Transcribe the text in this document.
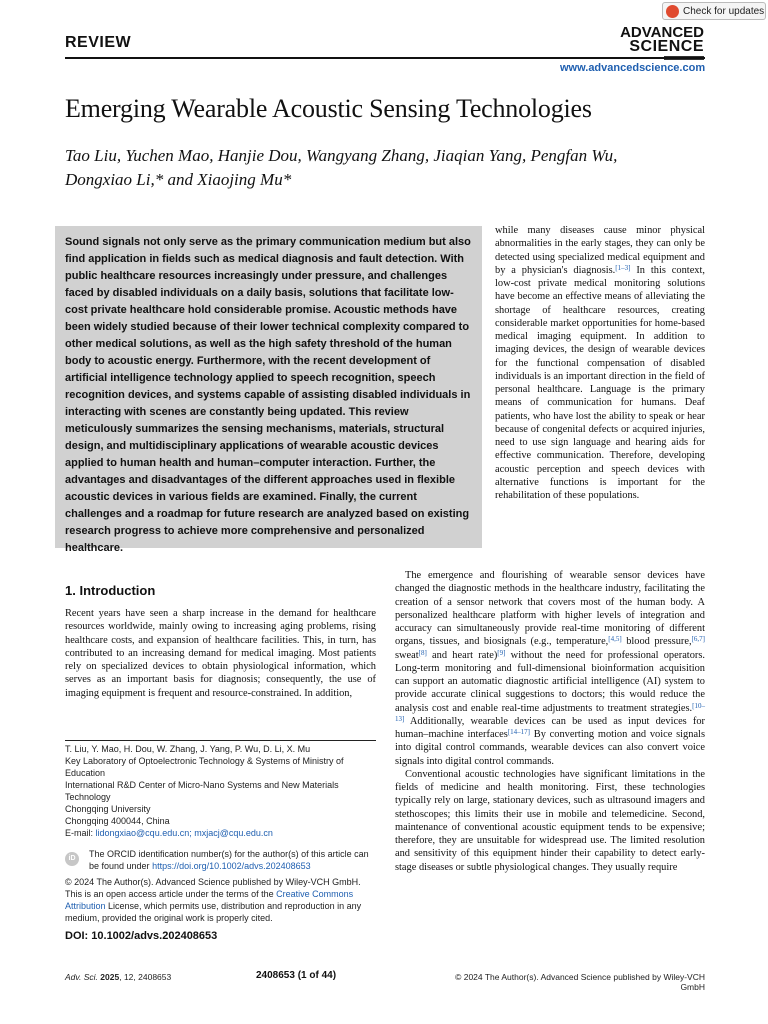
REVIEW
Check for updates
ADVANCED
SCIENCE
www.advancedscience.com
Emerging Wearable Acoustic Sensing Technologies
Tao Liu, Yuchen Mao, Hanjie Dou, Wangyang Zhang, Jiaqian Yang, Pengfan Wu,
Dongxiao Li,* and Xiaojing Mu*
Sound signals not only serve as the primary communication medium but also find application in fields such as medical diagnosis and fault detection. With public healthcare resources increasingly under pressure, and challenges faced by disabled individuals on a daily basis, solutions that facilitate low-cost private healthcare hold considerable promise. Acoustic methods have been widely studied because of their lower technical complexity compared to other medical solutions, as well as the high safety threshold of the human body to acoustic energy. Furthermore, with the recent development of artificial intelligence technology applied to speech recognition, speech recognition devices, and systems capable of assisting disabled individuals in interacting with scenes are constantly being updated. This review meticulously summarizes the sensing mechanisms, materials, structural design, and multidisciplinary applications of wearable acoustic devices applied to human health and human–computer interaction. Further, the advantages and disadvantages of the different approaches used in flexible acoustic devices in various fields are examined. Finally, the current challenges and a roadmap for future research are analyzed based on existing research progress to achieve more comprehensive and personalized healthcare.

while many diseases cause minor physical abnormalities in the early stages, they can only be detected using specialized medical equipment and by a physician's diagnosis.[1–3] In this context, low-cost private medical monitoring solutions have become an effective means of alleviating the shortage of healthcare resources, creating considerable market opportunities for home-based medical imaging equipment. In addition to imaging devices, the design of wearable devices for the functional compensation of disabled individuals is an important direction in the field of personal healthcare. Language is the primary means of communication for humans. Deaf patients, who have lost the ability to speak or hear because of congenital defects or acquired injuries, need to use sign language and hearing aids for effective communication. Therefore, developing acoustic perception and speech devices with alternative functions is important for the rehabilitation of these populations.

The emergence and flourishing of wearable sensor devices have changed the diagnostic methods in the healthcare industry, facilitating the creation of a sensor network that covers most of the human body. A personalized healthcare platform with higher levels of integration and accuracy can simultaneously provide real-time monitoring of different organs, tissues, and biosignals (e.g., temperature,[4,5] blood pressure,[6,7] sweat[8] and heart rate)[9] without the need for professional operators. Long-term monitoring and full-dimensional bioinformation acquisition can support an automatic diagnostic artificial intelligence (AI) system to provide accurate clinical suggestions to doctors; this would reduce the analysis cost and enable real-time adjustments to treatment strategies.[10–13] Additionally, wearable devices can be used as input devices for human–machine interfaces[14–17] By converting motion and voice signals into digital control commands, wearable devices can also convert voice signals into digital control commands.

Conventional acoustic technologies have significant limitations in the fields of medicine and health monitoring. First, these technologies typically rely on large, stationary devices, such as ultrasound imagers and stethoscopes; this limits their use in mobile and telemedicine. Second, maintenance of conventional acoustic equipment tends to be expensive; therefore, they are unsuitable for widespread use. The limited resolution and sensitivity of this equipment hinder their capability to detect early-stage diseases or subtle physiological changes. They usually require

1. Introduction
Recent years have seen a sharp increase in the demand for healthcare resources worldwide, mainly owing to increasing aging problems, rising healthcare costs, and expansion of healthcare facilities. This, in turn, has contributed to an increasing demand for medical imaging. Most patients rely on specialized devices to obtain physiological information, which serves as an important basis for diagnosis; consequently, the use of imaging equipment is frequent and resource-constrained. In addition,
T. Liu, Y. Mao, H. Dou, W. Zhang, J. Yang, P. Wu, D. Li, X. Mu
Key Laboratory of Optoelectronic Technology & Systems of Ministry of Education
International R&D Center of Micro-Nano Systems and New Materials Technology
Chongqing University
Chongqing 400044, China
E-mail: lidongxiao@cqu.edu.cn; mxjacj@cqu.edu.cn
iD	The ORCID identification number(s) for the author(s) of this article can be found under https://doi.org/10.1002/advs.202408653
© 2024 The Author(s). Advanced Science published by Wiley-VCH GmbH. This is an open access article under the terms of the Creative Commons Attribution License, which permits use, distribution and reproduction in any medium, provided the original work is properly cited.
DOI: 10.1002/advs.202408653
Adv. Sci. 2025, 12, 2408653	2408653 (1 of 44)	© 2024 The Author(s). Advanced Science published by Wiley-VCH GmbH
